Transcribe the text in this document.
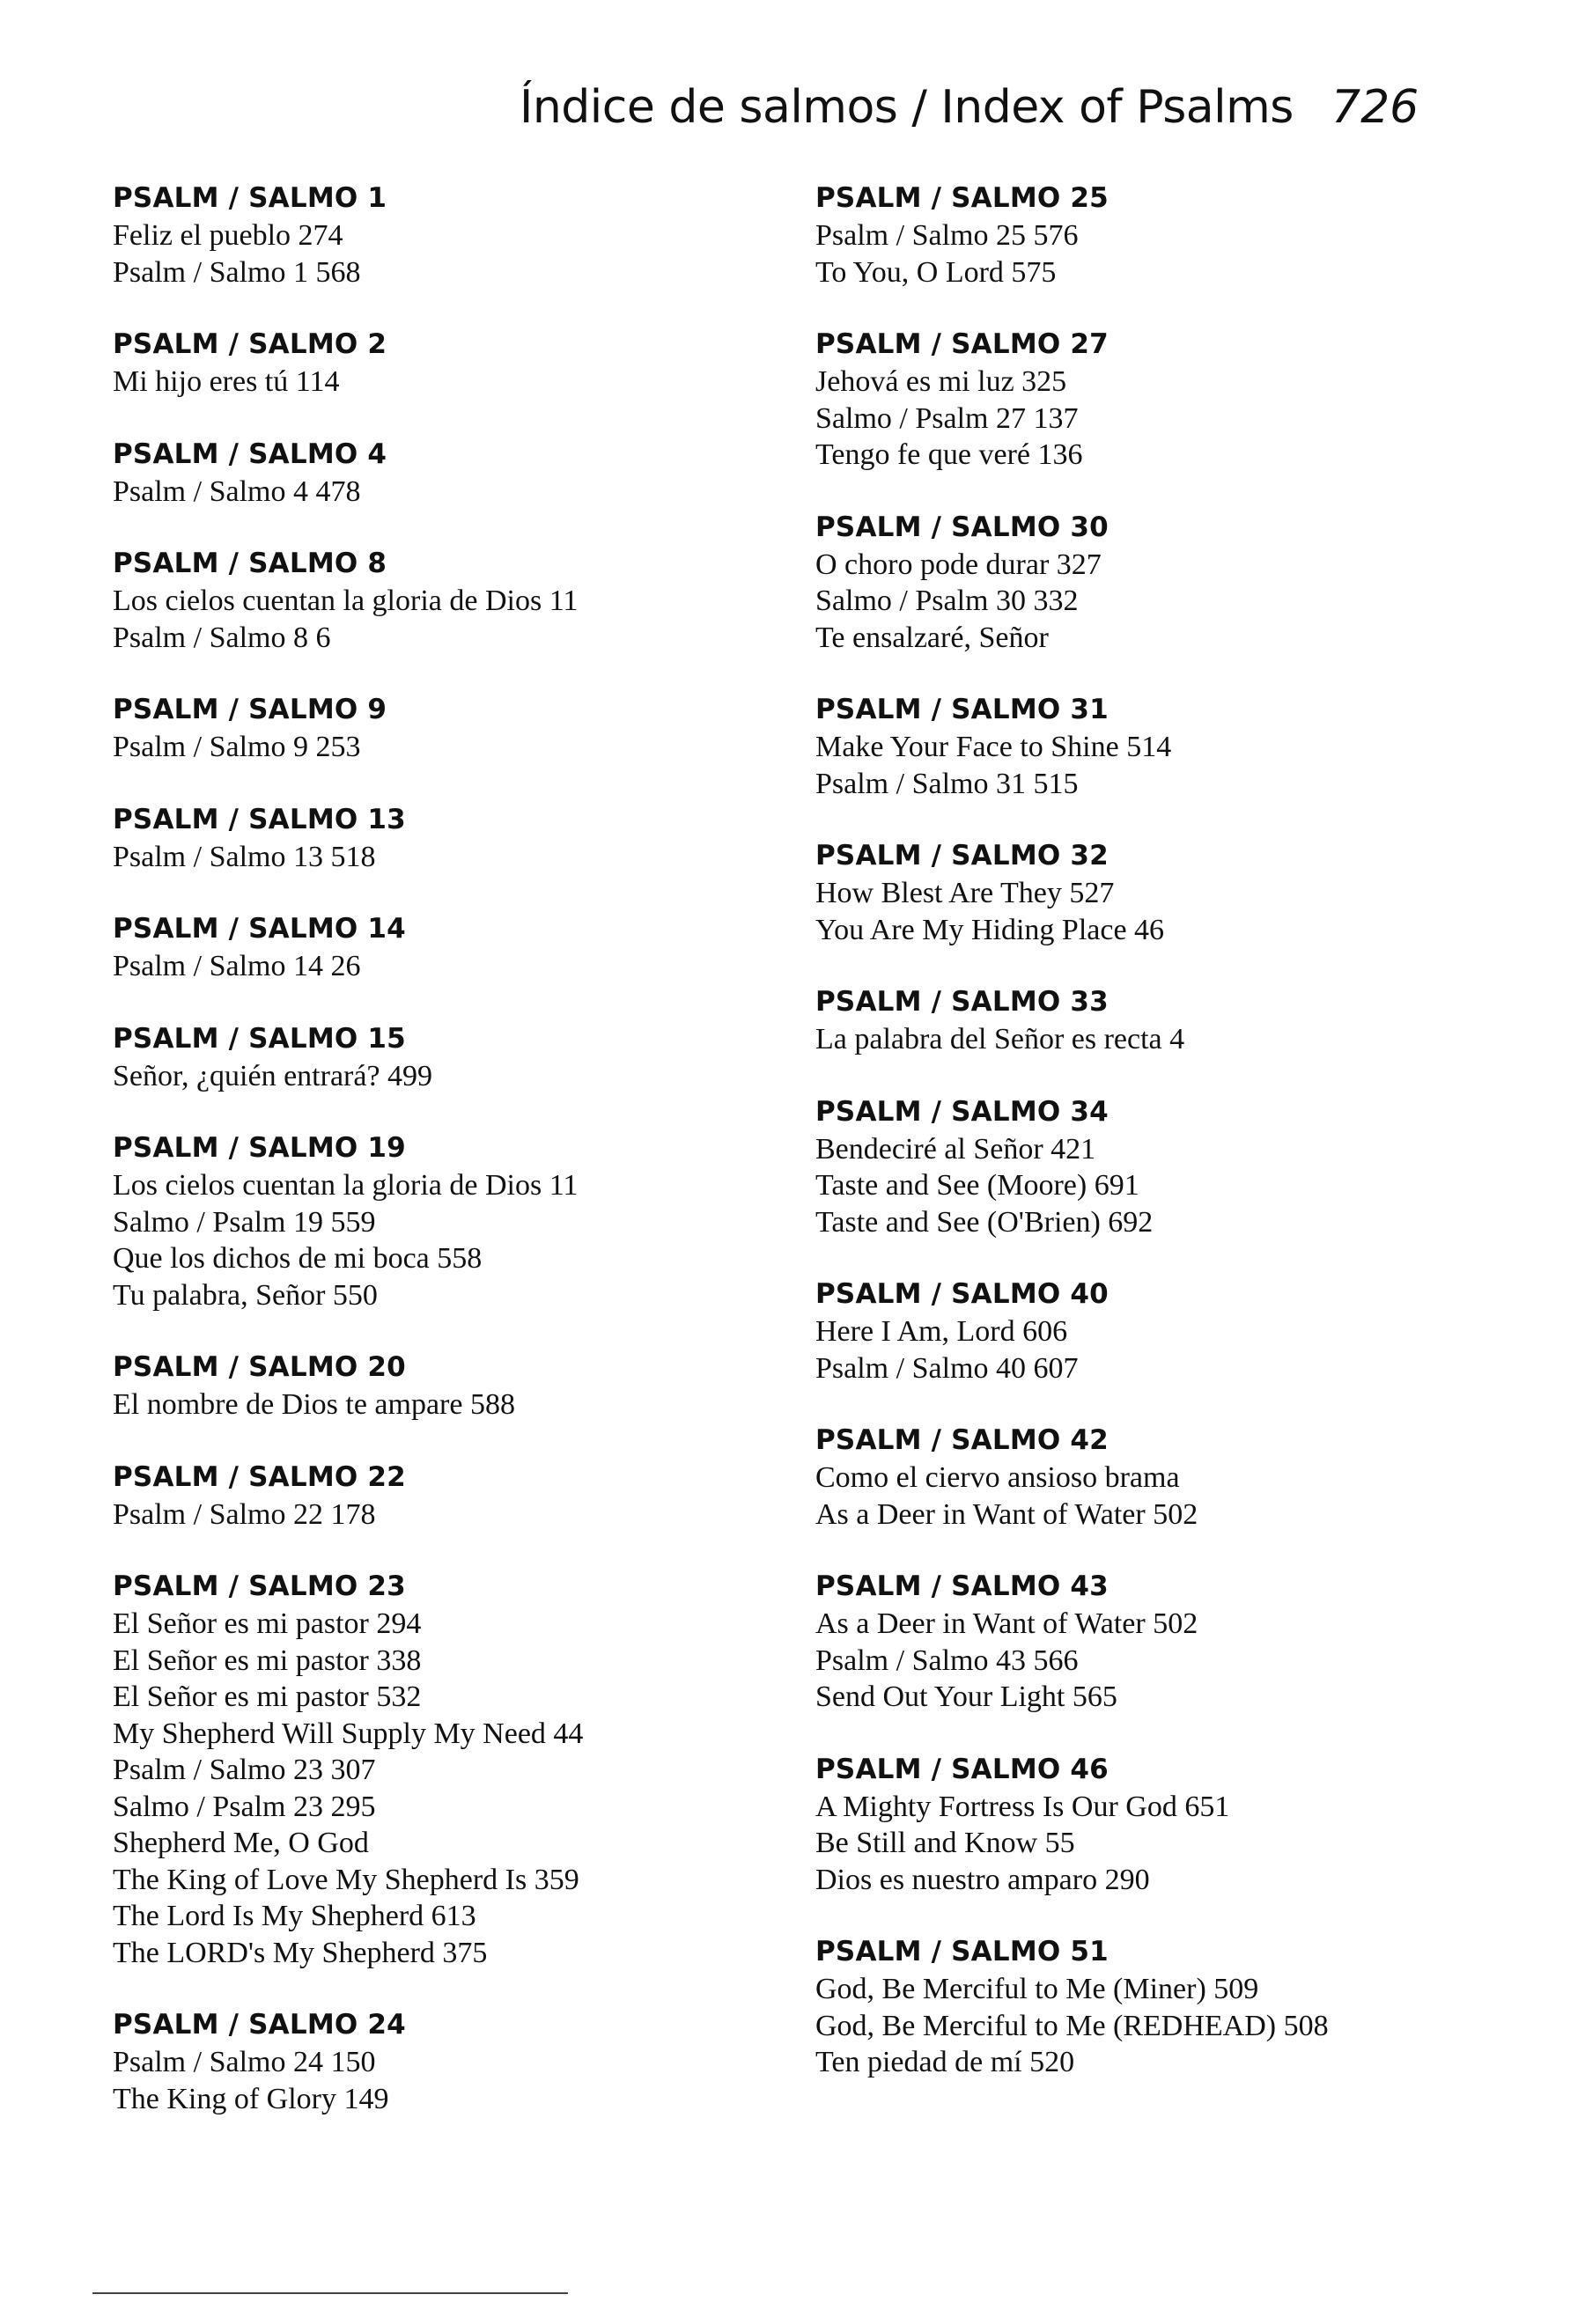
Índice de salmos / Index of Psalms 726
PSALM / SALMO 1
Feliz el pueblo 274
Psalm / Salmo 1 568
PSALM / SALMO 2
Mi hijo eres tú 114
PSALM / SALMO 4
Psalm / Salmo 4 478
PSALM / SALMO 8
Los cielos cuentan la gloria de Dios 11
Psalm / Salmo 8 6
PSALM / SALMO 9
Psalm / Salmo 9 253
PSALM / SALMO 13
Psalm / Salmo 13 518
PSALM / SALMO 14
Psalm / Salmo 14 26
PSALM / SALMO 15
Señor, ¿quién entrará? 499
PSALM / SALMO 19
Los cielos cuentan la gloria de Dios 11
Salmo / Psalm 19 559
Que los dichos de mi boca 558
Tu palabra, Señor 550
PSALM / SALMO 20
El nombre de Dios te ampare 588
PSALM / SALMO 22
Psalm / Salmo 22 178
PSALM / SALMO 23
El Señor es mi pastor 294
El Señor es mi pastor 338
El Señor es mi pastor 532
My Shepherd Will Supply My Need 44
Psalm / Salmo 23 307
Salmo / Psalm 23 295
Shepherd Me, O God
The King of Love My Shepherd Is 359
The Lord Is My Shepherd 613
The LORD's My Shepherd 375
PSALM / SALMO 24
Psalm / Salmo 24 150
The King of Glory 149
PSALM / SALMO 25
Psalm / Salmo 25 576
To You, O Lord 575
PSALM / SALMO 27
Jehová es mi luz 325
Salmo / Psalm 27 137
Tengo fe que veré 136
PSALM / SALMO 30
O choro pode durar 327
Salmo / Psalm 30 332
Te ensalzaré, Señor
PSALM / SALMO 31
Make Your Face to Shine 514
Psalm / Salmo 31 515
PSALM / SALMO 32
How Blest Are They 527
You Are My Hiding Place 46
PSALM / SALMO 33
La palabra del Señor es recta 4
PSALM / SALMO 34
Bendeciré al Señor 421
Taste and See (Moore) 691
Taste and See (O'Brien) 692
PSALM / SALMO 40
Here I Am, Lord 606
Psalm / Salmo 40 607
PSALM / SALMO 42
Como el ciervo ansioso brama
As a Deer in Want of Water 502
PSALM / SALMO 43
As a Deer in Want of Water 502
Psalm / Salmo 43 566
Send Out Your Light 565
PSALM / SALMO 46
A Mighty Fortress Is Our God 651
Be Still and Know 55
Dios es nuestro amparo 290
PSALM / SALMO 51
God, Be Merciful to Me (Miner) 509
God, Be Merciful to Me (REDHEAD) 508
Ten piedad de mí 520
